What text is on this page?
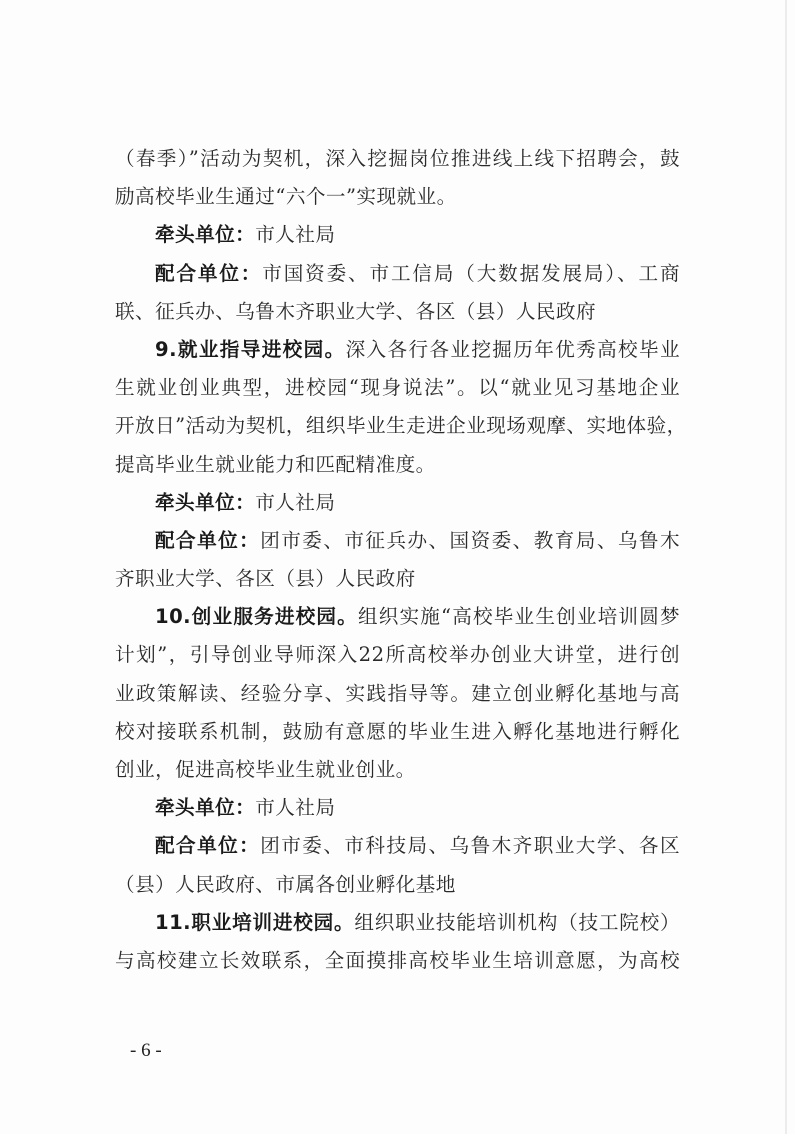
（春季）”活动为契机，深入挖掘岗位推进线上线下招聘会，鼓
励高校毕业生通过“六个一”实现就业。
牵头单位：市人社局
配合单位：市国资委、市工信局（大数据发展局）、工商
联、征兵办、乌鲁木齐职业大学、各区（县）人民政府
9.就业指导进校园。深入各行各业挖掘历年优秀高校毕业
生就业创业典型，进校园“现身说法”。以“就业见习基地企业
开放日”活动为契机，组织毕业生走进企业现场观摩、实地体验，
提高毕业生就业能力和匹配精准度。
牵头单位：市人社局
配合单位：团市委、市征兵办、国资委、教育局、乌鲁木
齐职业大学、各区（县）人民政府
10.创业服务进校园。组织实施“高校毕业生创业培训圆梦
计划”，引导创业导师深入22所高校举办创业大讲堂，进行创
业政策解读、经验分享、实践指导等。建立创业孵化基地与高
校对接联系机制，鼓励有意愿的毕业生进入孵化基地进行孵化
创业，促进高校毕业生就业创业。
牵头单位：市人社局
配合单位：团市委、市科技局、乌鲁木齐职业大学、各区
（县）人民政府、市属各创业孵化基地
11.职业培训进校园。组织职业技能培训机构（技工院校）
与高校建立长效联系，全面摸排高校毕业生培训意愿，为高校
- 6 -
